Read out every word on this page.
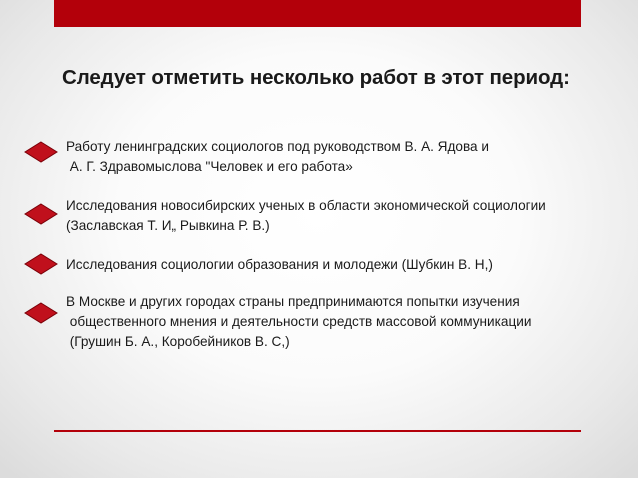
Следует отметить несколько работ в этот период:
Работу ленинградских социологов под руководством В. А. Ядова и
А. Г. Здравомыслова "Человек и его работа»
Исследования новосибирских ученых в области экономической социологии
(Заславская Т. И„ Рывкина Р. В.)
Исследования социологии образования и молодежи (Шубкин В. Н,)
В Москве и других городах страны предпринимаются попытки изучения
общественного мнения и деятельности средств массовой коммуникации
(Грушин Б. А., Коробейников В. С,)
